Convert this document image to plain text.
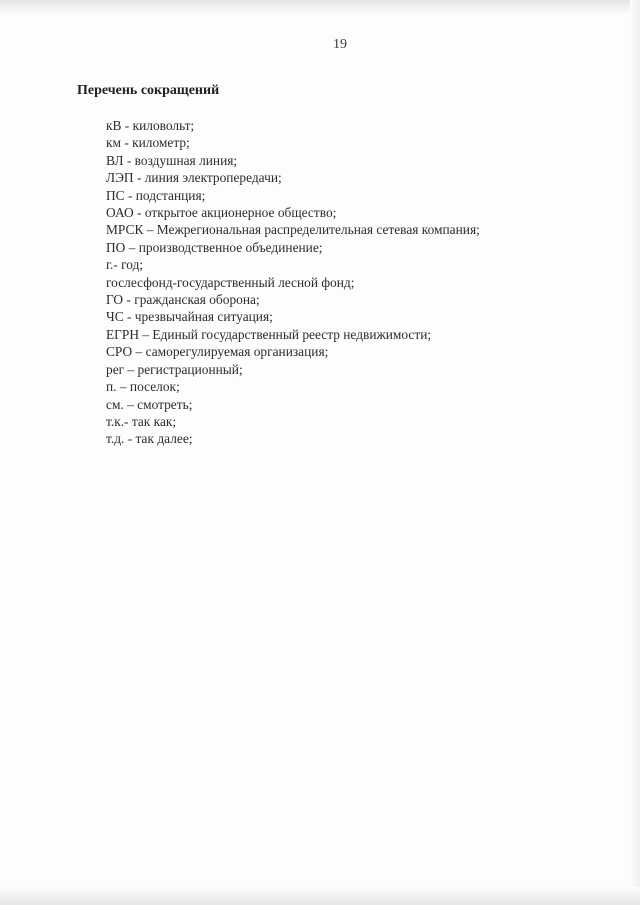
19
Перечень сокращений
кВ - киловольт;
км - километр;
ВЛ - воздушная линия;
ЛЭП - линия электропередачи;
ПС - подстанция;
ОАО - открытое акционерное общество;
МРСК – Межрегиональная распределительная сетевая компания;
ПО – производственное объединение;
г.- год;
гослесфонд-государственный лесной фонд;
ГО - гражданская оборона;
ЧС - чрезвычайная ситуация;
ЕГРН – Единый государственный реестр недвижимости;
СРО – саморегулируемая организация;
рег – регистрационный;
п. – поселок;
см. – смотреть;
т.к.- так как;
т.д. - так далее;
